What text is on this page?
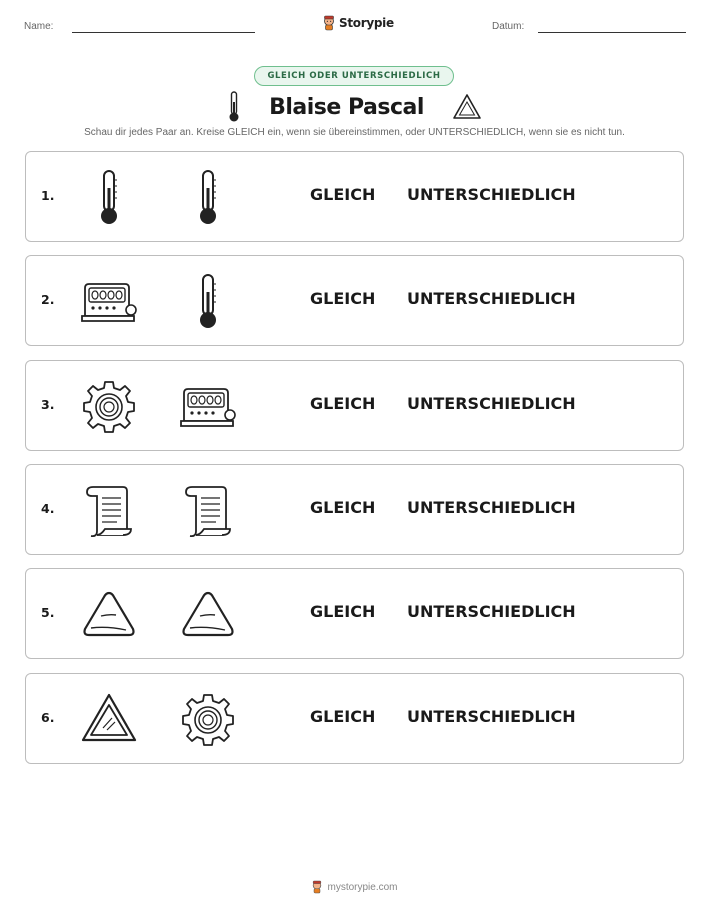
Name:	Storypie	Datum:
GLEICH ODER UNTERSCHIEDLICH
Blaise Pascal
Schau dir jedes Paar an. Kreise GLEICH ein, wenn sie übereinstimmen, oder UNTERSCHIEDLICH, wenn sie es nicht tun.
1.	GLEICH UNTERSCHIEDLICH
2.	GLEICH UNTERSCHIEDLICH
3.	GLEICH UNTERSCHIEDLICH
4.	GLEICH UNTERSCHIEDLICH
5.	GLEICH UNTERSCHIEDLICH
6.	GLEICH UNTERSCHIEDLICH
mystorypie.com
